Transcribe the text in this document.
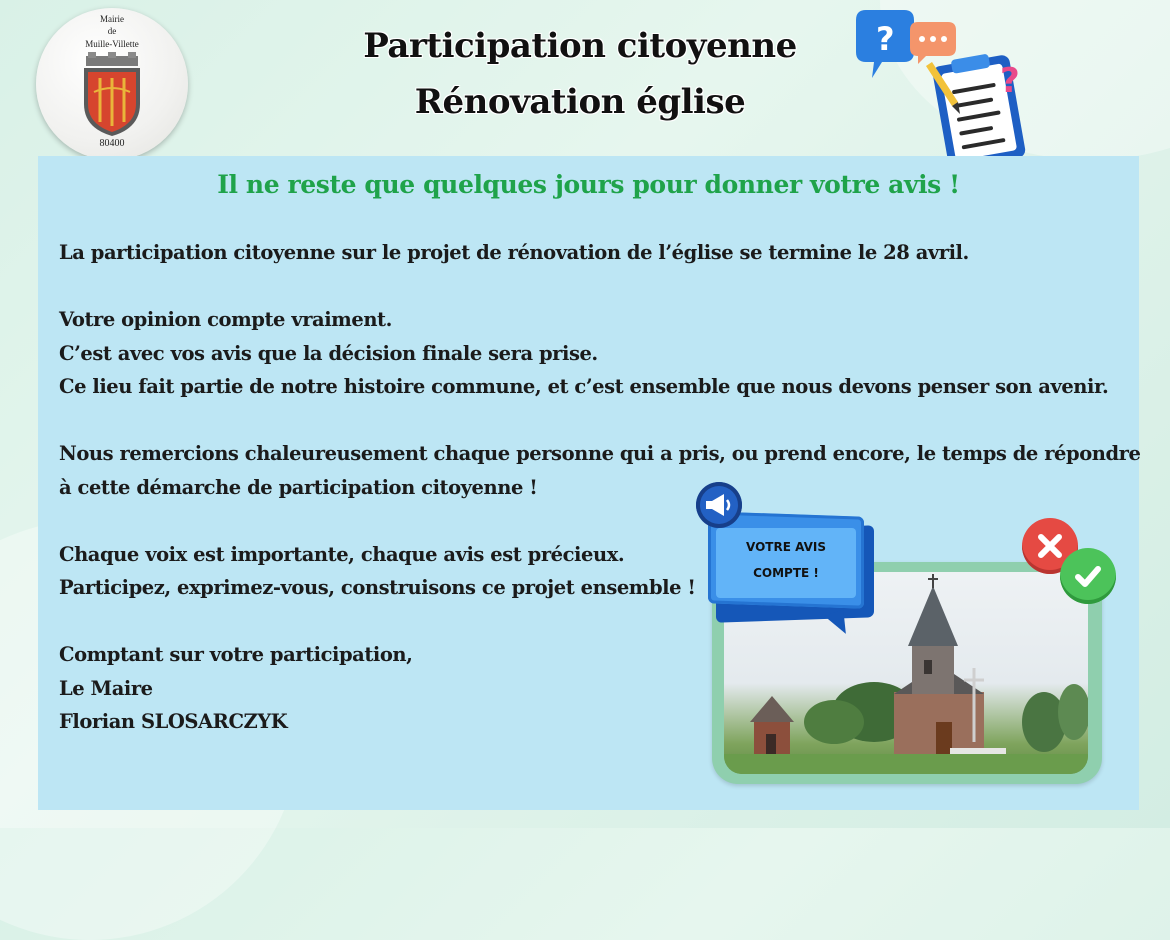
Mairie
de
Muille-Villette
80400
Participation citoyenne
Rénovation église
?
?
Il ne reste que quelques jours pour donner votre avis !
La participation citoyenne sur le projet de rénovation de l’église se termine le 28 avril.
Votre opinion compte vraiment.
C’est avec vos avis que la décision finale sera prise.
Ce lieu fait partie de notre histoire commune, et c’est ensemble que nous devons penser son avenir.
Nous remercions chaleureusement chaque personne qui a pris, ou prend encore, le temps de répondre
à cette démarche de participation citoyenne !
Chaque voix est importante, chaque avis est précieux.
Participez, exprimez-vous, construisons ce projet ensemble !
Comptant sur votre participation,
Le Maire
Florian SLOSARCZYK
VOTRE AVIS
COMPTE !
